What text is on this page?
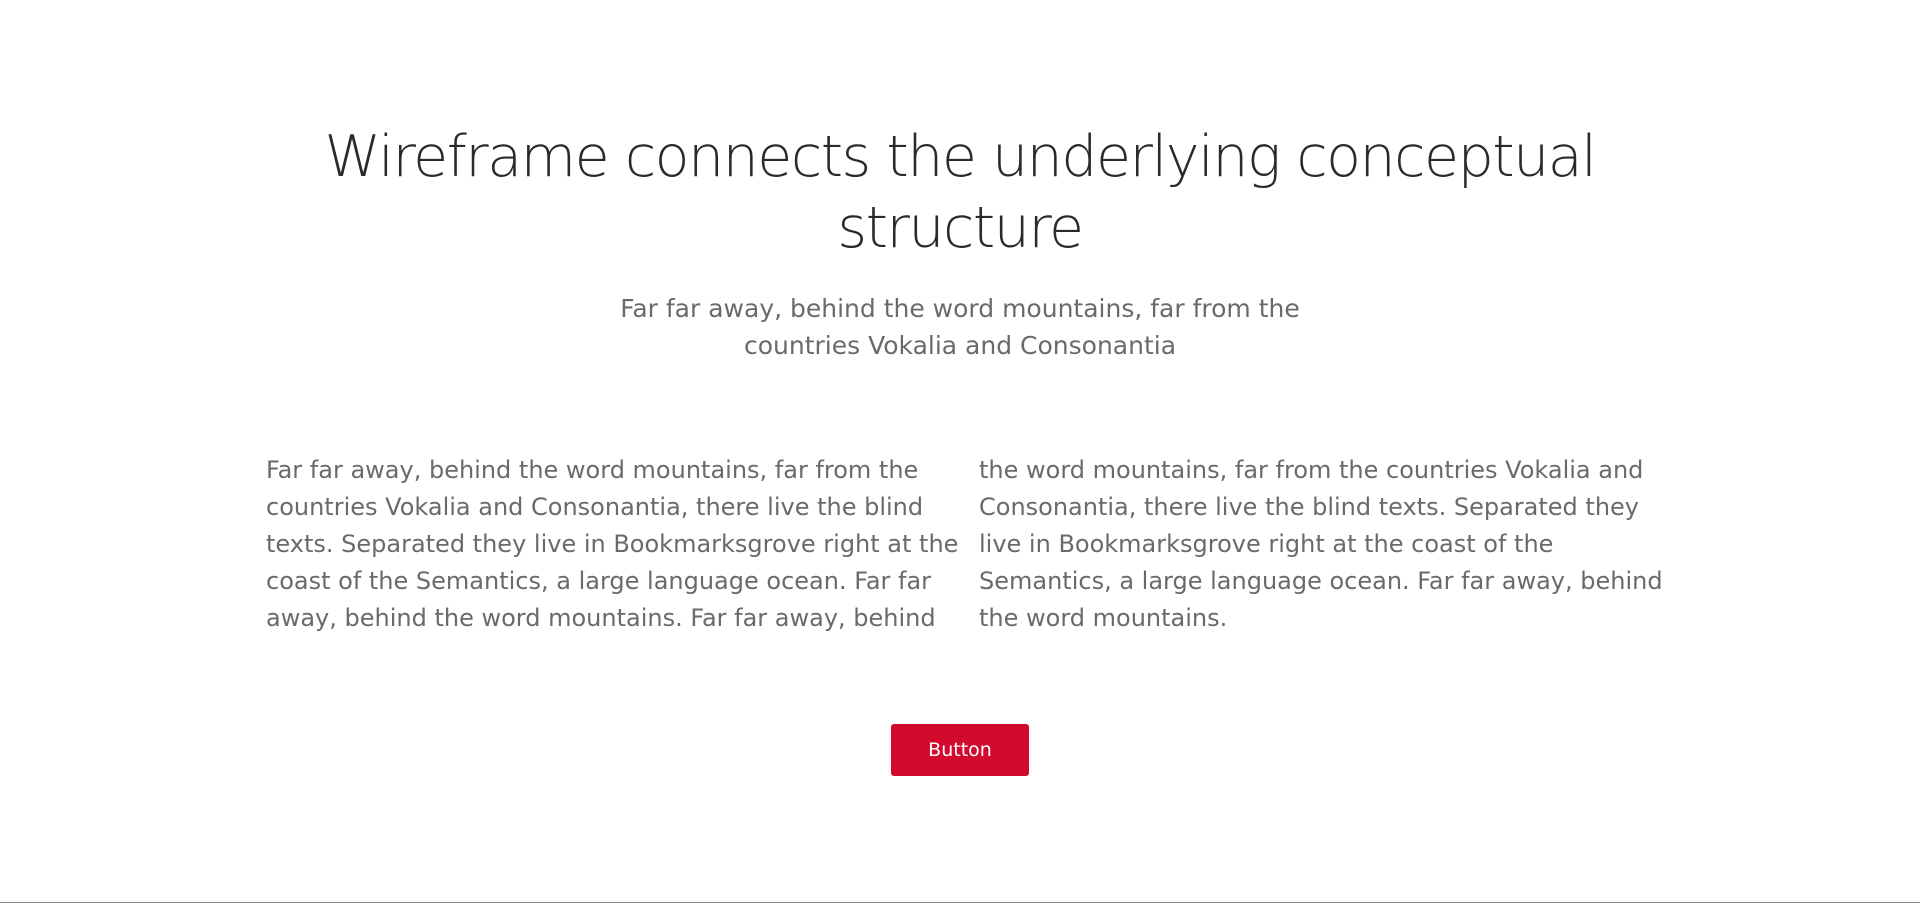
Wireframe connects the underlying conceptual
structure

Far far away, behind the word mountains, far from the
countries Vokalia and Consonantia

Far far away, behind the word mountains, far from the
countries Vokalia and Consonantia, there live the blind
texts. Separated they live in Bookmarksgrove right at the
coast of the Semantics, a large language ocean. Far far
away, behind the word mountains. Far far away, behind

the word mountains, far from the countries Vokalia and
Consonantia, there live the blind texts. Separated they
live in Bookmarksgrove right at the coast of the
Semantics, a large language ocean. Far far away, behind
the word mountains.

Button
